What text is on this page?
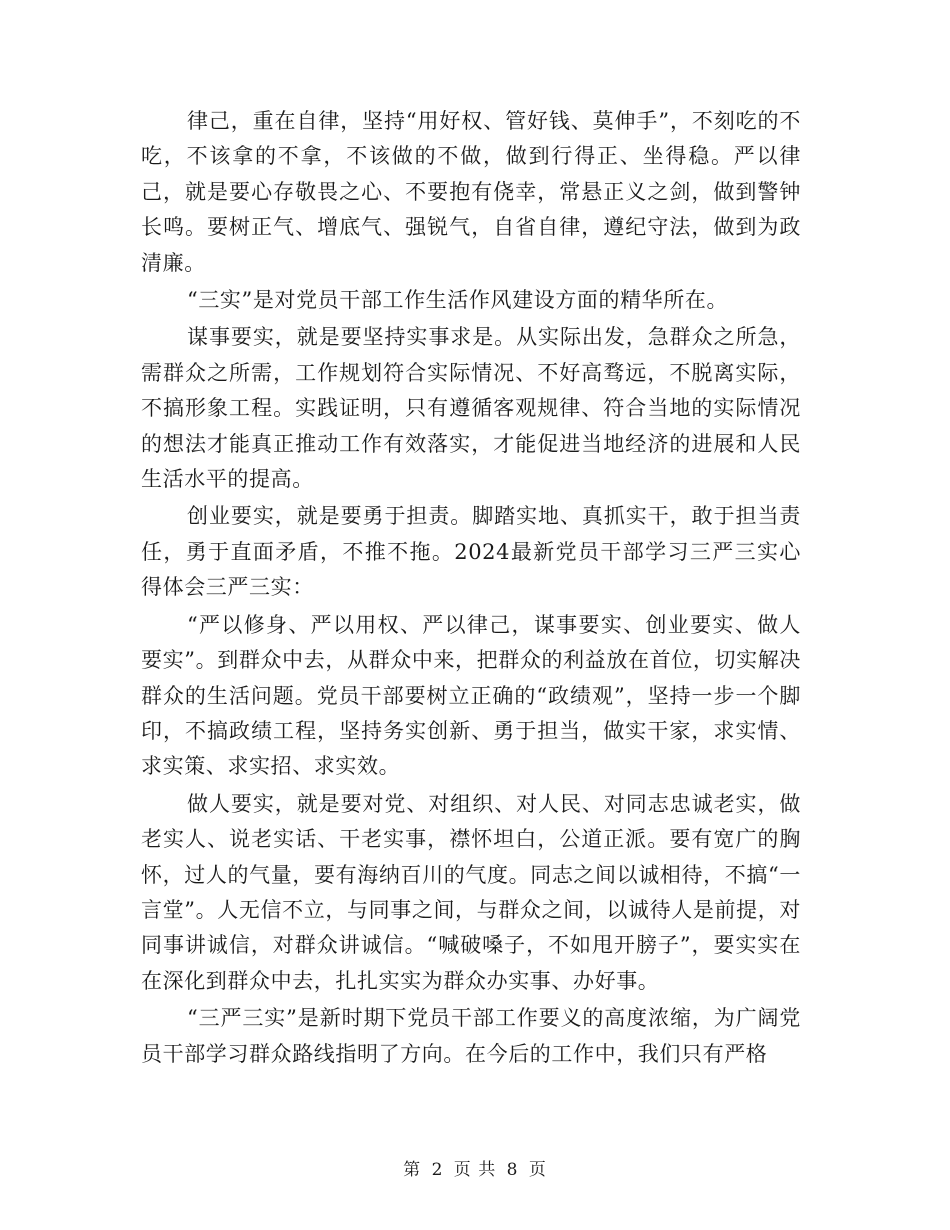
律己，重在自律，坚持“用好权、管好钱、莫伸手”，不刻吃的不吃，不该拿的不拿，不该做的不做，做到行得正、坐得稳。严以律己，就是要心存敬畏之心、不要抱有侥幸，常悬正义之剑，做到警钟长鸣。要树正气、增底气、强锐气，自省自律，遵纪守法，做到为政清廉。

“三实”是对党员干部工作生活作风建设方面的精华所在。

谋事要实，就是要坚持实事求是。从实际出发，急群众之所急，需群众之所需，工作规划符合实际情况、不好高骛远，不脱离实际，不搞形象工程。实践证明，只有遵循客观规律、符合当地的实际情况的想法才能真正推动工作有效落实，才能促进当地经济的进展和人民生活水平的提高。

创业要实，就是要勇于担责。脚踏实地、真抓实干，敢于担当责任，勇于直面矛盾，不推不拖。2024最新党员干部学习三严三实心得体会三严三实：

“严以修身、严以用权、严以律己，谋事要实、创业要实、做人要实”。到群众中去，从群众中来，把群众的利益放在首位，切实解决群众的生活问题。党员干部要树立正确的“政绩观”，坚持一步一个脚印，不搞政绩工程，坚持务实创新、勇于担当，做实干家，求实情、求实策、求实招、求实效。

做人要实，就是要对党、对组织、对人民、对同志忠诚老实，做老实人、说老实话、干老实事，襟怀坦白，公道正派。要有宽广的胸怀，过人的气量，要有海纳百川的气度。同志之间以诚相待，不搞“一言堂”。人无信不立，与同事之间，与群众之间，以诚待人是前提，对同事讲诚信，对群众讲诚信。“喊破嗓子，不如甩开膀子”，要实实在在深化到群众中去，扎扎实实为群众办实事、办好事。

“三严三实”是新时期下党员干部工作要义的高度浓缩，为广阔党员干部学习群众路线指明了方向。在今后的工作中，我们只有严格

第 2 页 共 8 页
